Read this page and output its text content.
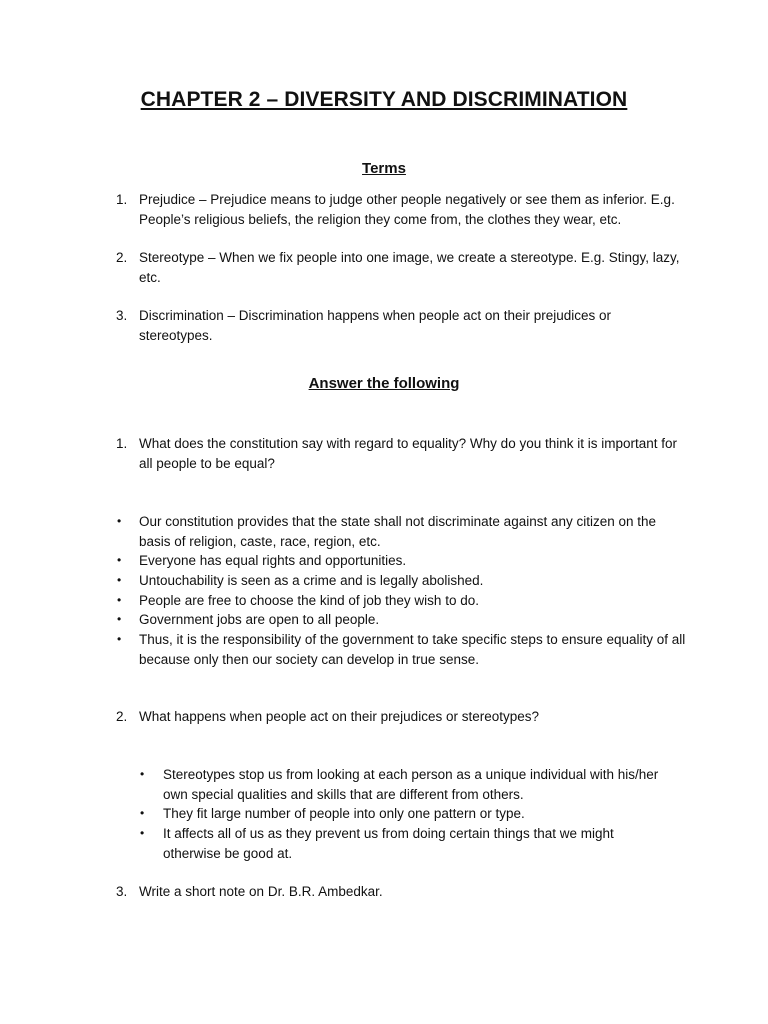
CHAPTER 2 – DIVERSITY AND DISCRIMINATION
Terms
1. Prejudice – Prejudice means to judge other people negatively or see them as inferior. E.g. People’s religious beliefs, the religion they come from, the clothes they wear, etc.
2. Stereotype – When we fix people into one image, we create a stereotype. E.g. Stingy, lazy, etc.
3. Discrimination – Discrimination happens when people act on their prejudices or stereotypes.
Answer the following
1. What does the constitution say with regard to equality? Why do you think it is important for all people to be equal?
• Our constitution provides that the state shall not discriminate against any citizen on the basis of religion, caste, race, region, etc.
• Everyone has equal rights and opportunities.
• Untouchability is seen as a crime and is legally abolished.
• People are free to choose the kind of job they wish to do.
• Government jobs are open to all people.
• Thus, it is the responsibility of the government to take specific steps to ensure equality of all because only then our society can develop in true sense.
2. What happens when people act on their prejudices or stereotypes?
• Stereotypes stop us from looking at each person as a unique individual with his/her own special qualities and skills that are different from others.
• They fit large number of people into only one pattern or type.
• It affects all of us as they prevent us from doing certain things that we might otherwise be good at.
3. Write a short note on Dr. B.R. Ambedkar.
